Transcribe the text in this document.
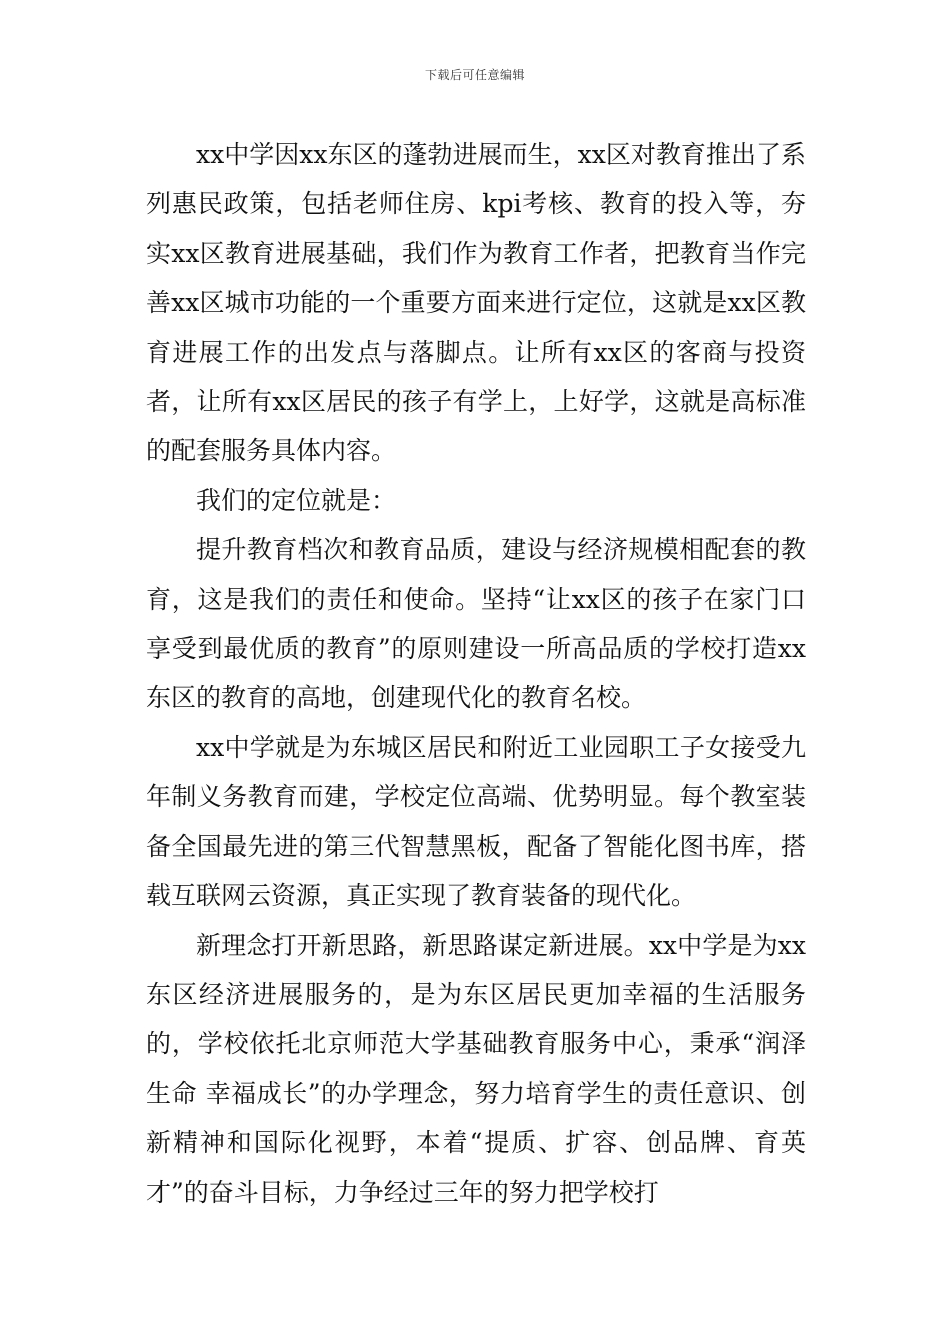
下载后可任意编辑

xx中学因xx东区的蓬勃进展而生，xx区对教育推出了系列惠民政策，包括老师住房、kpi考核、教育的投入等，夯实xx区教育进展基础，我们作为教育工作者，把教育当作完善xx区城市功能的一个重要方面来进行定位，这就是xx区教育进展工作的出发点与落脚点。让所有xx区的客商与投资者，让所有xx区居民的孩子有学上，上好学，这就是高标准的配套服务具体内容。

我们的定位就是：

提升教育档次和教育品质，建设与经济规模相配套的教育，这是我们的责任和使命。坚持“让xx区的孩子在家门口享受到最优质的教育”的原则建设一所高品质的学校打造xx东区的教育的高地，创建现代化的教育名校。

xx中学就是为东城区居民和附近工业园职工子女接受九年制义务教育而建，学校定位高端、优势明显。每个教室装备全国最先进的第三代智慧黑板，配备了智能化图书库，搭载互联网云资源，真正实现了教育装备的现代化。

新理念打开新思路，新思路谋定新进展。xx中学是为xx东区经济进展服务的，是为东区居民更加幸福的生活服务的，学校依托北京师范大学基础教育服务中心，秉承“润泽生命 幸福成长”的办学理念，努力培育学生的责任意识、创新精神和国际化视野，本着“提质、扩容、创品牌、育英才”的奋斗目标，力争经过三年的努力把学校打
